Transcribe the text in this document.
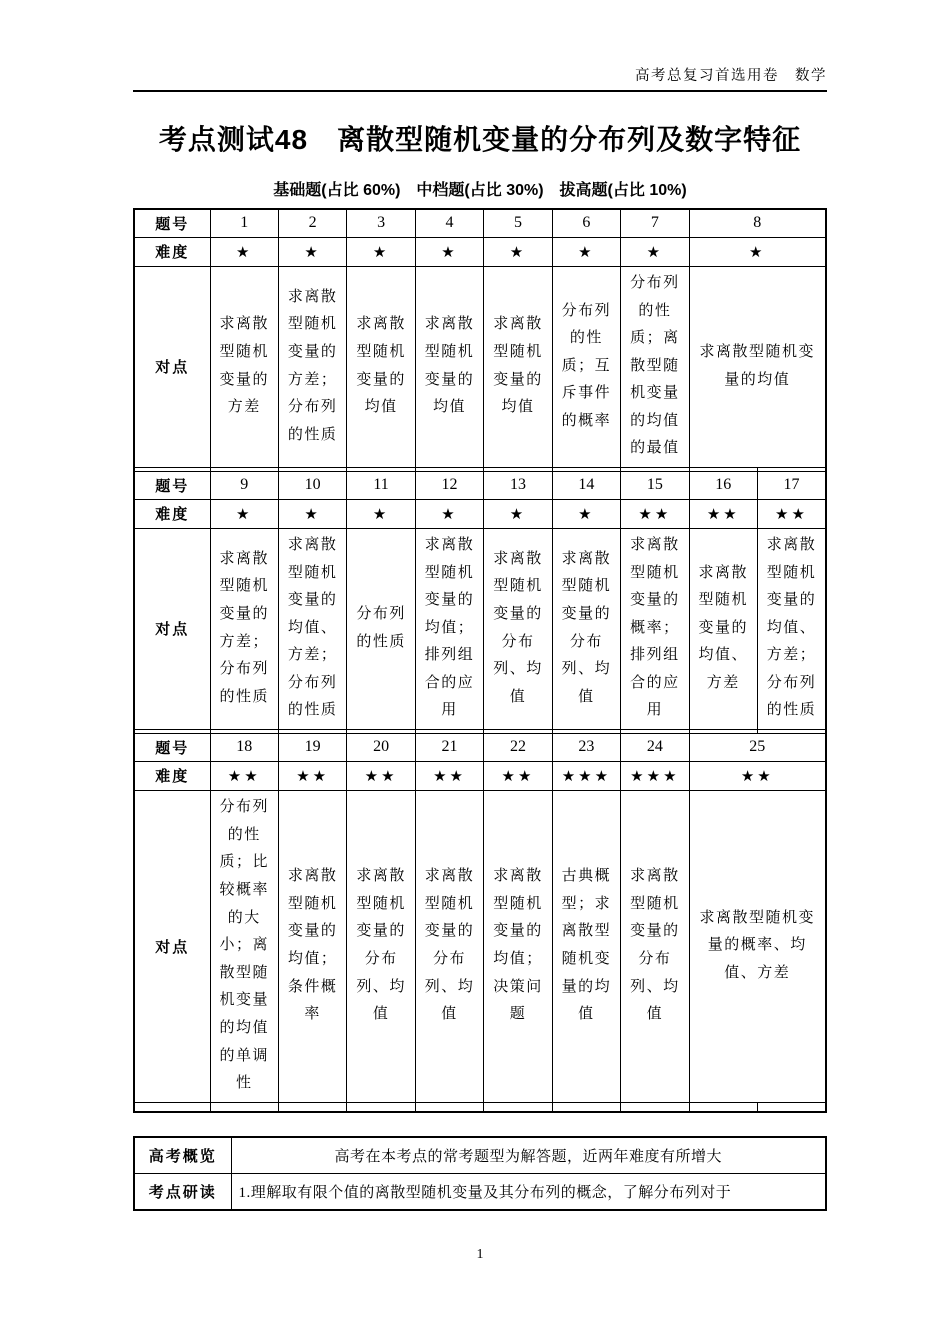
高考总复习首选用卷　数学
考点测试48　离散型随机变量的分布列及数字特征
基础题(占比 60%)　中档题(占比 30%)　拔高题(占比 10%)
题号	1	2	3	4	5	6	7	8	
难度	★	★	★	★	★	★	★	★	
对点	求离散型随机变量的方差	求离散型随机变量的方差；分布列的性质	求离散型随机变量的均值	求离散型随机变量的均值	求离散型随机变量的均值	分布列的性质；互斥事件的概率	分布列的性质；离散型随机变量的均值的最值	求离散型随机变量的均值	

题号	9	10	11	12	13	14	15	16	17
难度	★	★	★	★	★	★	★★	★★	★★
对点	求离散型随机变量的方差；分布列的性质	求离散型随机变量的均值、方差；分布列的性质	分布列的性质	求离散型随机变量的均值；排列组合的应用	求离散型随机变量的分布列、均值	求离散型随机变量的分布列、均值	求离散型随机变量的概率；排列组合的应用	求离散型随机变量的均值、方差	求离散型随机变量的均值、方差；分布列的性质

题号	18	19	20	21	22	23	24	25	
难度	★★	★★	★★	★★	★★	★★★	★★★	★★	
对点	分布列的性质；比较概率的大小；离散型随机变量的均值的单调性	求离散型随机变量的均值；条件概率	求离散型随机变量的分布列、均值	求离散型随机变量的分布列、均值	求离散型随机变量的均值；决策问题	古典概型；求离散型随机变量的均值	求离散型随机变量的分布列、均值	求离散型随机变量的概率、均值、方差	

高考概览	高考在本考点的常考题型为解答题，近两年难度有所增大
考点研读	1.理解取有限个值的离散型随机变量及其分布列的概念，了解分布列对于
1
